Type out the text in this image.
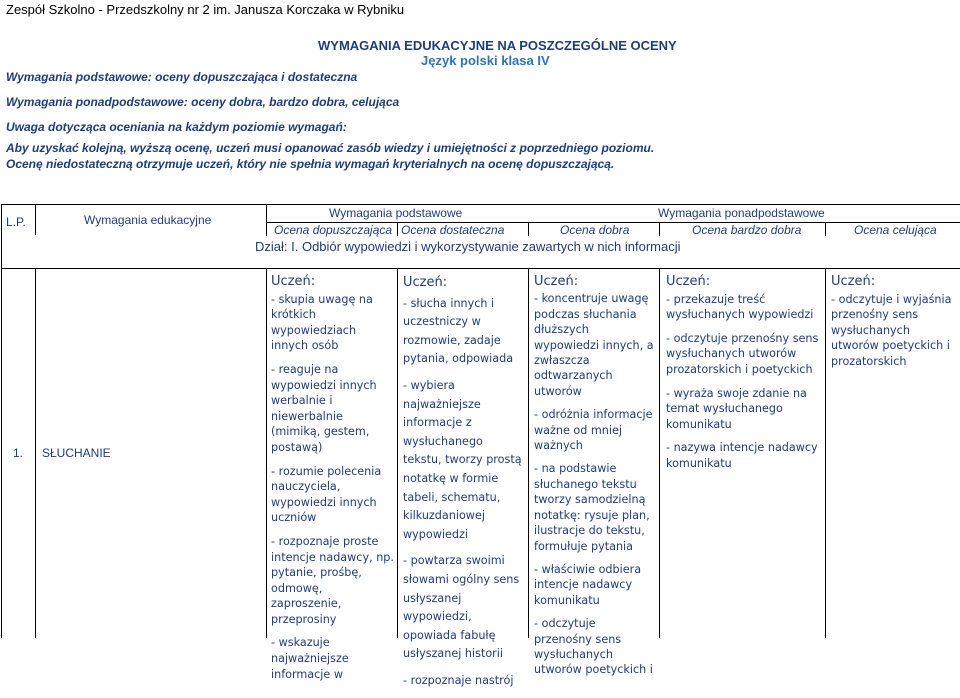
Zespół Szkolno - Przedszkolny nr 2 im. Janusza Korczaka w Rybniku
WYMAGANIA EDUKACYJNE NA POSZCZEGÓLNE OCENY
Język polski klasa IV
Wymagania podstawowe: oceny dopuszczająca i dostateczna
Wymagania ponadpodstawowe: oceny dobra, bardzo dobra, celująca
Uwaga dotycząca oceniania na każdym poziomie wymagań:
Aby uzyskać kolejną, wyższą ocenę, uczeń musi opanować zasób wiedzy i umiejętności z poprzedniego poziomu.
Ocenę niedostateczną otrzymuje uczeń, który nie spełnia wymagań kryterialnych na ocenę dopuszczającą.
L.P.	Wymagania edukacyjne	Wymagania podstawowe	Wymagania ponadpodstawowe
Ocena dopuszczająca Ocena dostateczna	Ocena dobra	Ocena bardzo dobra	Ocena celująca
Dział: I. Odbiór wypowiedzi i wykorzystywanie zawartych w nich informacji
1. SŁUCHANIE
Uczeń:
- skupia uwagę na krótkich wypowiedziach innych osób
- reaguje na wypowiedzi innych werbalnie i niewerbalnie (mimiką, gestem, postawą)
- rozumie polecenia nauczyciela, wypowiedzi innych uczniów
- rozpoznaje proste intencje nadawcy, np. pytanie, prośbę, odmowę, zaproszenie, przeprosiny
- wskazuje najważniejsze informacje w
Uczeń:
- słucha innych i uczestniczy w rozmowie, zadaje pytania, odpowiada
- wybiera najważniejsze informacje z wysłuchanego tekstu, tworzy prostą notatkę w formie tabeli, schematu, kilkuzdaniowej wypowiedzi
- powtarza swoimi słowami ogólny sens usłyszanej wypowiedzi, opowiada fabułę usłyszanej historii
- rozpoznaje nastrój
Uczeń:
- koncentruje uwagę podczas słuchania dłuższych wypowiedzi innych, a zwłaszcza odtwarzanych utworów
- odróżnia informacje ważne od mniej ważnych
- na podstawie słuchanego tekstu tworzy samodzielną notatkę: rysuje plan, ilustracje do tekstu, formułuje pytania
- właściwie odbiera intencje nadawcy komunikatu
- odczytuje przenośny sens wysłuchanych utworów poetyckich i
Uczeń:
- przekazuje treść wysłuchanych wypowiedzi
- odczytuje przenośny sens wysłuchanych utworów prozatorskich i poetyckich
- wyraża swoje zdanie na temat wysłuchanego komunikatu
- nazywa intencje nadawcy komunikatu
Uczeń:
- odczytuje i wyjaśnia przenośny sens wysłuchanych utworów poetyckich i prozatorskich
